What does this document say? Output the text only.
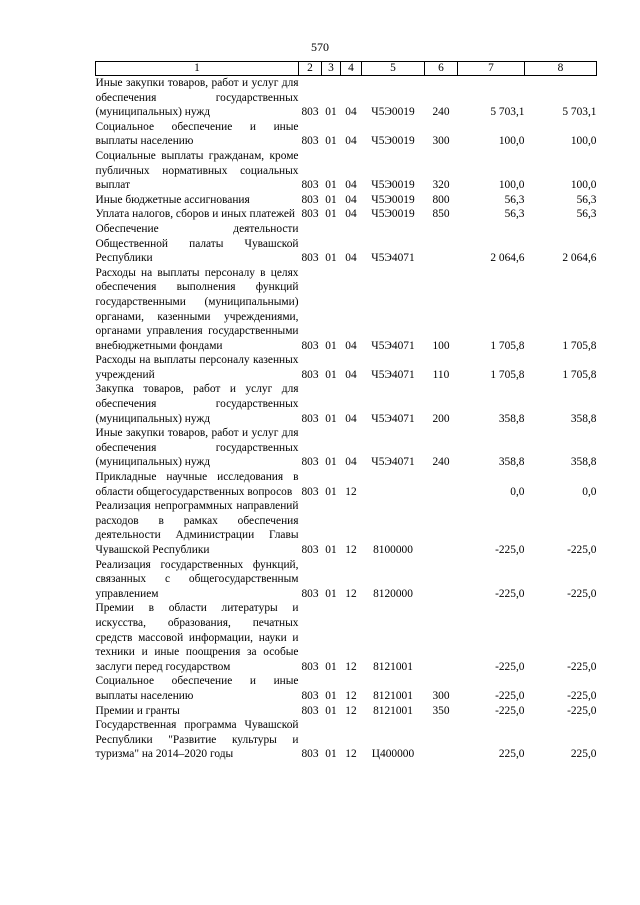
570
1	2	3	4	5	6	7	8
Иные закупки товаров, работ и услуг для обеспечения государственных (муниципальных) нужд	803	01	04	Ч5Э0019	240	5 703,1	5 703,1
Социальное обеспечение и иные выплаты населению	803	01	04	Ч5Э0019	300	100,0	100,0
Социальные выплаты гражданам, кроме публичных нормативных социальных выплат	803	01	04	Ч5Э0019	320	100,0	100,0
Иные бюджетные ассигнования	803	01	04	Ч5Э0019	800	56,3	56,3
Уплата налогов, сборов и иных платежей	803	01	04	Ч5Э0019	850	56,3	56,3
Обеспечение деятельности Общественной палаты Чувашской Республики	803	01	04	Ч5Э4071		2 064,6	2 064,6
Расходы на выплаты персоналу в целях обеспечения выполнения функций государственными (муниципальными) органами, казенными учреждениями, органами управления государственными внебюджетными фондами	803	01	04	Ч5Э4071	100	1 705,8	1 705,8
Расходы на выплаты персоналу казенных учреждений	803	01	04	Ч5Э4071	110	1 705,8	1 705,8
Закупка товаров, работ и услуг для обеспечения государственных (муниципальных) нужд	803	01	04	Ч5Э4071	200	358,8	358,8
Иные закупки товаров, работ и услуг для обеспечения государственных (муниципальных) нужд	803	01	04	Ч5Э4071	240	358,8	358,8
Прикладные научные исследования в области общегосударственных вопросов	803	01	12			0,0	0,0
Реализация непрограммных направлений расходов в рамках обеспечения деятельности Администрации Главы Чувашской Республики	803	01	12	8100000		-225,0	-225,0
Реализация государственных функций, связанных с общегосударственным управлением	803	01	12	8120000		-225,0	-225,0
Премии в области литературы и искусства, образования, печатных средств массовой информации, науки и техники и иные поощрения за особые заслуги перед государством	803	01	12	8121001		-225,0	-225,0
Социальное обеспечение и иные выплаты населению	803	01	12	8121001	300	-225,0	-225,0
Премии и гранты	803	01	12	8121001	350	-225,0	-225,0
Государственная программа Чувашской Республики "Развитие культуры и туризма" на 2014–2020 годы	803	01	12	Ц400000		225,0	225,0
